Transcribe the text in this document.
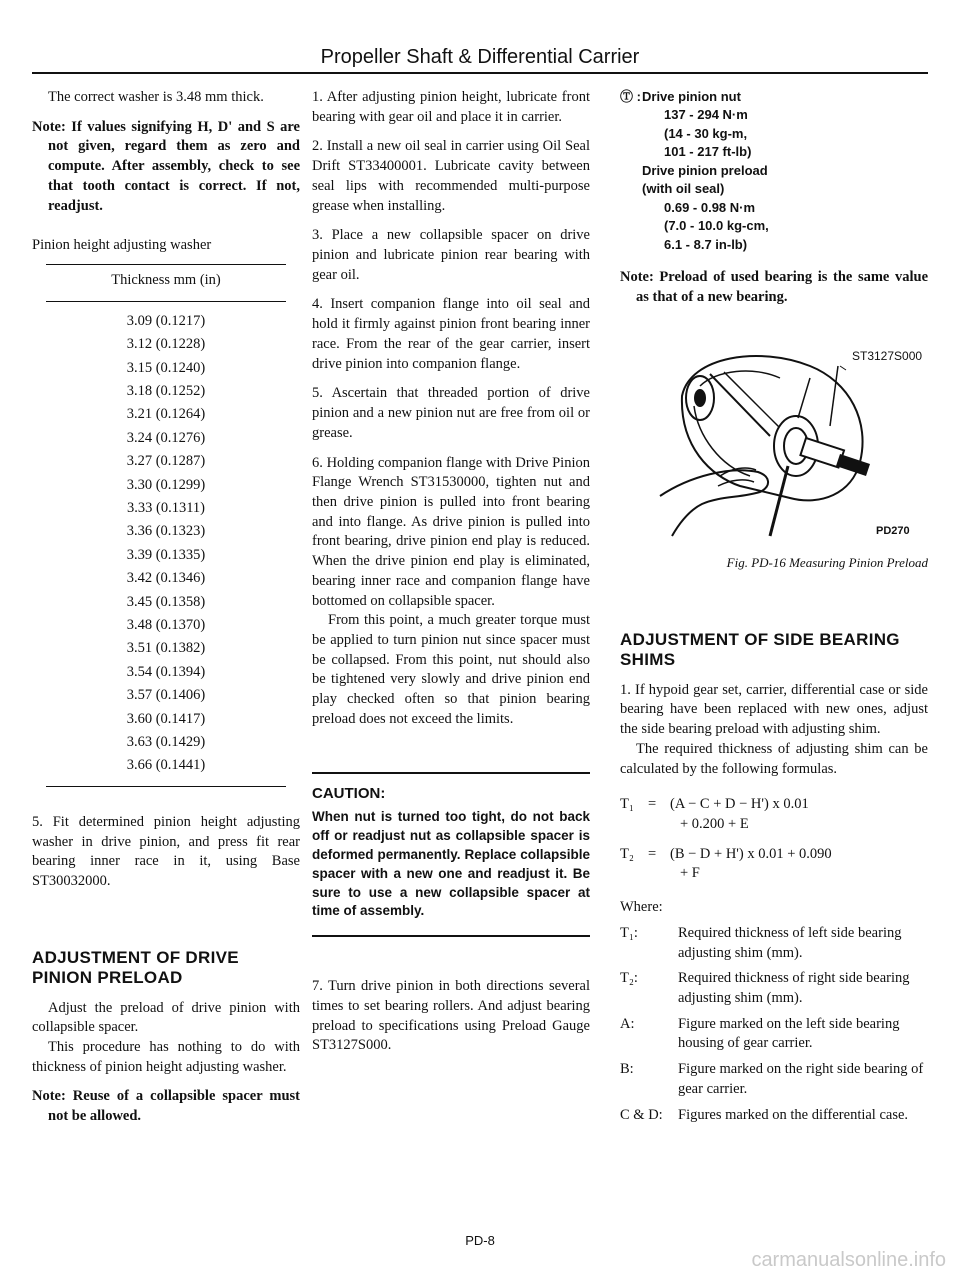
Propeller Shaft & Differential Carrier

The correct washer is 3.48 mm thick.

Note: If values signifying H, D' and S are not given, regard them as zero and compute. After assembly, check to see that tooth contact is correct. If not, readjust.

Pinion height adjusting washer

Thickness mm (in)
3.09 (0.1217)
3.12 (0.1228)
3.15 (0.1240)
3.18 (0.1252)
3.21 (0.1264)
3.24 (0.1276)
3.27 (0.1287)
3.30 (0.1299)
3.33 (0.1311)
3.36 (0.1323)
3.39 (0.1335)
3.42 (0.1346)
3.45 (0.1358)
3.48 (0.1370)
3.51 (0.1382)
3.54 (0.1394)
3.57 (0.1406)
3.60 (0.1417)
3.63 (0.1429)
3.66 (0.1441)

5. Fit determined pinion height adjusting washer in drive pinion, and press fit rear bearing inner race in it, using Base ST30032000.

ADJUSTMENT OF DRIVE PINION PRELOAD

Adjust the preload of drive pinion with collapsible spacer.

This procedure has nothing to do with thickness of pinion height adjusting washer.

Note: Reuse of a collapsible spacer must not be allowed.

1. After adjusting pinion height, lubricate front bearing with gear oil and place it in carrier.

2. Install a new oil seal in carrier using Oil Seal Drift ST33400001. Lubricate cavity between seal lips with recommended multi-purpose grease when installing.

3. Place a new collapsible spacer on drive pinion and lubricate pinion rear bearing with gear oil.

4. Insert companion flange into oil seal and hold it firmly against pinion front bearing inner race. From the rear of the gear carrier, insert drive pinion into companion flange.

5. Ascertain that threaded portion of drive pinion and a new pinion nut are free from oil or grease.

6. Holding companion flange with Drive Pinion Flange Wrench ST31530000, tighten nut and then drive pinion is pulled into front bearing and into flange. As drive pinion is pulled into front bearing, drive pinion end play is reduced. When the drive pinion end play is eliminated, bearing inner race and companion flange have bottomed on collapsible spacer.

From this point, a much greater torque must be applied to turn pinion nut since spacer must be collapsed. From this point, nut should also be tightened very slowly and drive pinion end play checked often so that pinion bearing preload does not exceed the limits.

CAUTION:
When nut is turned too tight, do not back off or readjust nut as collapsible spacer is deformed permanently. Replace collapsible spacer with a new one and readjust it. Be sure to use a new collapsible spacer at time of assembly.

7. Turn drive pinion in both directions several times to set bearing rollers. And adjust bearing preload to specifications using Preload Gauge ST3127S000.

Ⓣ : Drive pinion nut
137 - 294 N·m
(14 - 30 kg-m,
101 - 217 ft-lb)
Drive pinion preload
(with oil seal)
0.69 - 0.98 N·m
(7.0 - 10.0 kg-cm,
6.1 - 8.7 in-lb)

Note: Preload of used bearing is the same value as that of a new bearing.

ST3127S000
PD270
Fig. PD-16 Measuring Pinion Preload
ADJUSTMENT OF SIDE BEARING SHIMS

1. If hypoid gear set, carrier, differential case or side bearing have been replaced with new ones, adjust the side bearing preload with adjusting shim.

The required thickness of adjusting shim can be calculated by the following formulas.

T₁ = (A − C + D − H') x 0.01
+ 0.200 + E
T₂ = (B − D + H') x 0.01 + 0.090
+ F
Where:
T₁:	Required thickness of left side bearing adjusting shim (mm).
T₂:	Required thickness of right side bearing adjusting shim (mm).
A:	Figure marked on the left side bearing housing of gear carrier.
B:	Figure marked on the right side bearing of gear carrier.
C & D:	Figures marked on the differential case.
PD-8
carmanualsonline.info
